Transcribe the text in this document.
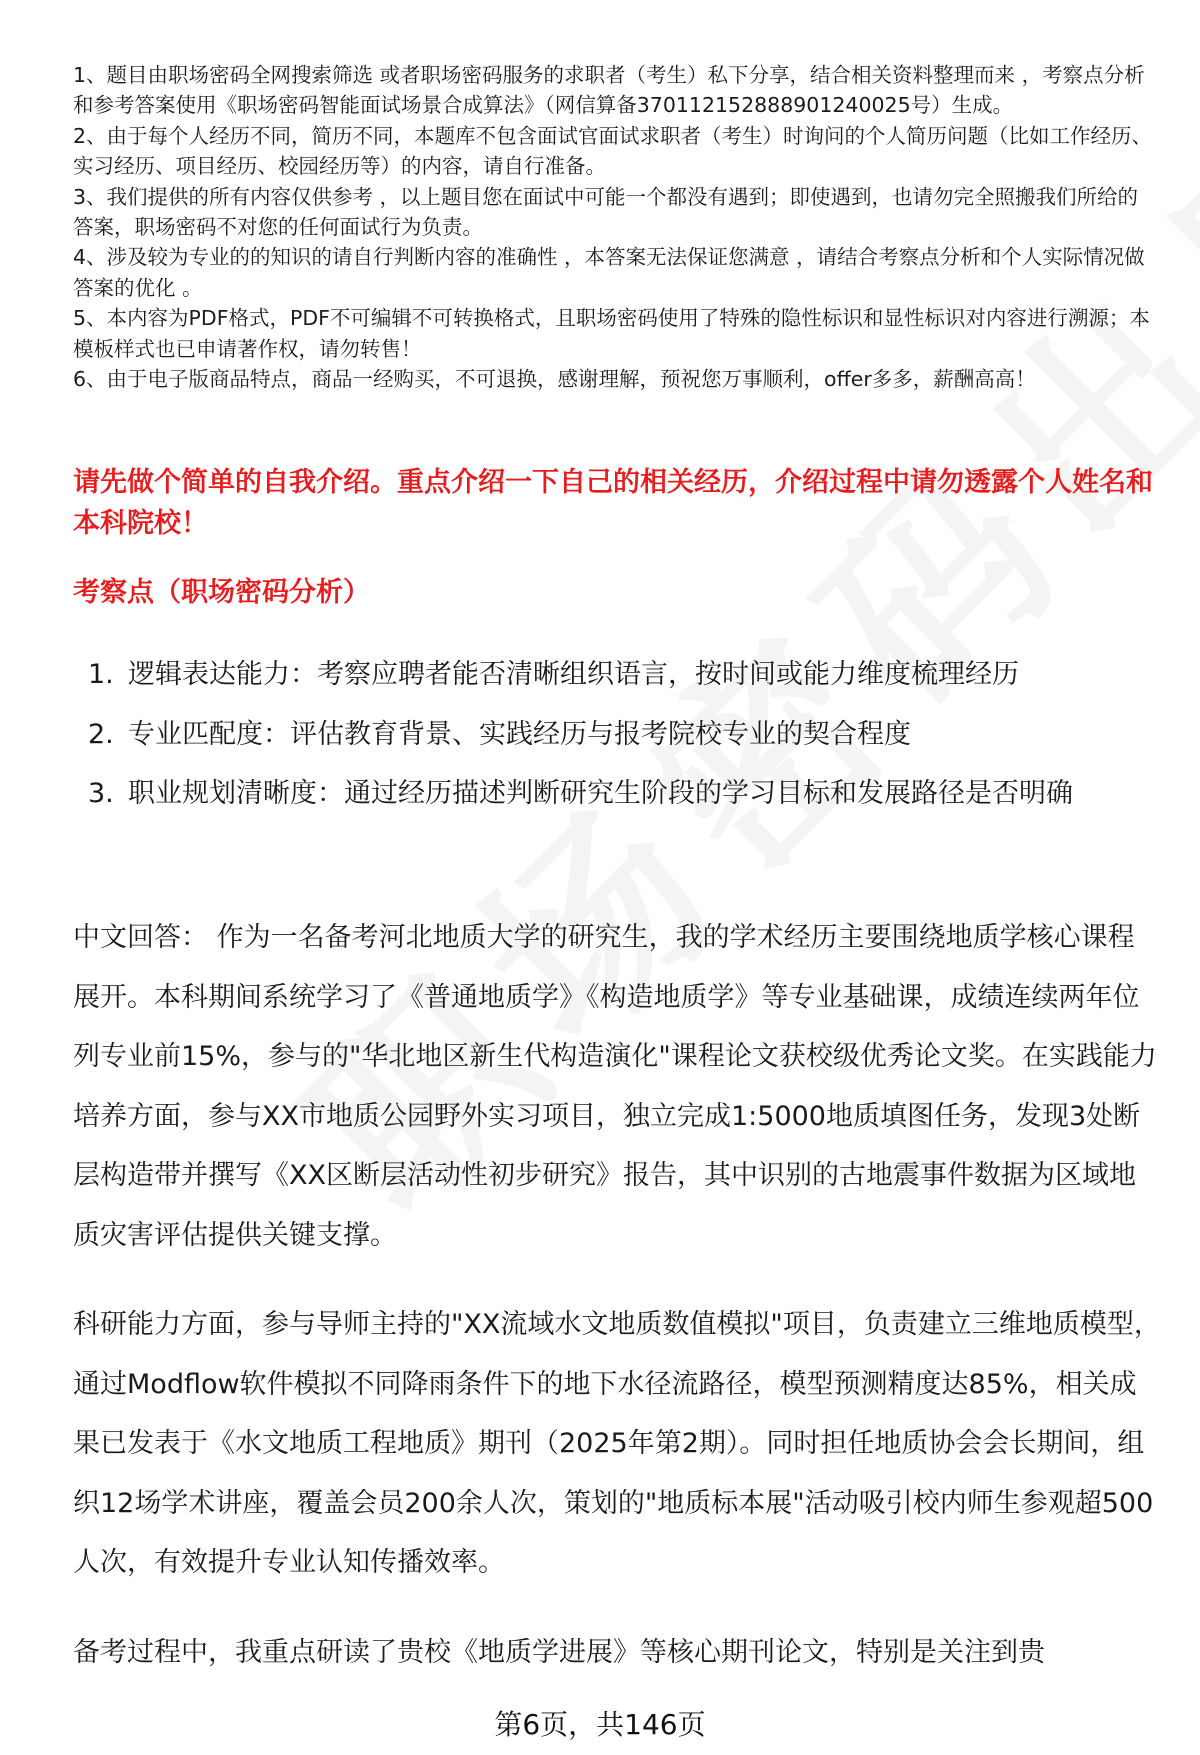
1、题目由职场密码全网搜索筛选 或者职场密码服务的求职者（考生）私下分享，结合相关资料整理而来 ，考察点分析和参考答案使用《职场密码智能面试场景合成算法》（网信算备370112152888901240025号）生成。

2、由于每个人经历不同，简历不同，本题库不包含面试官面试求职者（考生）时询问的个人简历问题（比如工作经历、实习经历、项目经历、校园经历等）的内容，请自行准备。

3、我们提供的所有内容仅供参考 ，以上题目您在面试中可能一个都没有遇到；即使遇到，也请勿完全照搬我们所给的答案，职场密码不对您的任何面试行为负责。

4、涉及较为专业的的知识的请自行判断内容的准确性 ，本答案无法保证您满意 ，请结合考察点分析和个人实际情况做答案的优化 。

5、本内容为PDF格式，PDF不可编辑不可转换格式，且职场密码使用了特殊的隐性标识和显性标识对内容进行溯源；本模板样式也已申请著作权，请勿转售！

6、由于电子版商品特点，商品一经购买，不可退换，感谢理解，预祝您万事顺利，offer多多，薪酬高高！

请先做个简单的自我介绍。重点介绍一下自己的相关经历，介绍过程中请勿透露个人姓名和本科院校！
考察点（职场密码分析）
1. 逻辑表达能力：考察应聘者能否清晰组织语言，按时间或能力维度梳理经历
2. 专业匹配度：评估教育背景、实践经历与报考院校专业的契合程度
3. 职业规划清晰度：通过经历描述判断研究生阶段的学习目标和发展路径是否明确

中文回答： 作为一名备考河北地质大学的研究生，我的学术经历主要围绕地质学核心课程展开。本科期间系统学习了《普通地质学》《构造地质学》等专业基础课，成绩连续两年位列专业前15%，参与的"华北地区新生代构造演化"课程论文获校级优秀论文奖。在实践能力培养方面，参与XX市地质公园野外实习项目，独立完成1:5000地质填图任务，发现3处断层构造带并撰写《XX区断层活动性初步研究》报告，其中识别的古地震事件数据为区域地质灾害评估提供关键支撑。

科研能力方面，参与导师主持的"XX流域水文地质数值模拟"项目，负责建立三维地质模型，通过Modflow软件模拟不同降雨条件下的地下水径流路径，模型预测精度达85%，相关成果已发表于《水文地质工程地质》期刊（2025年第2期）。同时担任地质协会会长期间，组织12场学术讲座，覆盖会员200余人次，策划的"地质标本展"活动吸引校内师生参观超500人次，有效提升专业认知传播效率。

备考过程中，我重点研读了贵校《地质学进展》等核心期刊论文，特别是关注到贵

第6页，共146页
